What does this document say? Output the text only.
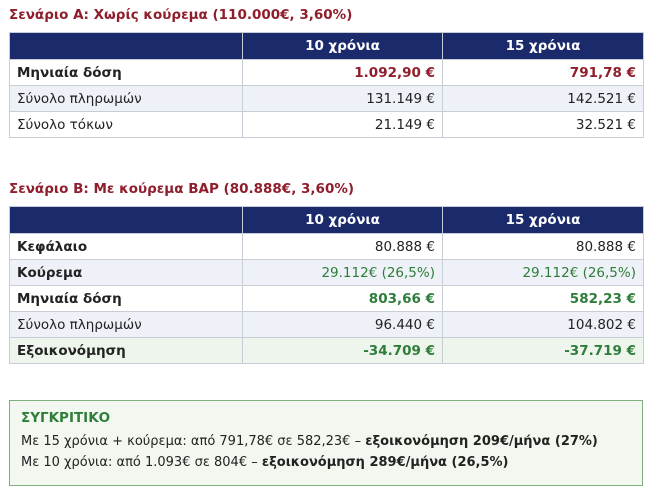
Σενάριο Α: Χωρίς κούρεμα (110.000€, 3,60%)
	10 χρόνια	15 χρόνια
Μηνιαία δόση	1.092,90 €	791,78 €
Σύνολο πληρωμών	131.149 €	142.521 €
Σύνολο τόκων	21.149 €	32.521 €
Σενάριο Β: Με κούρεμα ΒΑΡ (80.888€, 3,60%)
	10 χρόνια	15 χρόνια
Κεφάλαιο	80.888 €	80.888 €
Κούρεμα	29.112€ (26,5%)	29.112€ (26,5%)
Μηνιαία δόση	803,66 €	582,23 €
Σύνολο πληρωμών	96.440 €	104.802 €
Εξοικονόμηση	-34.709 €	-37.719 €
ΣΥΓΚΡΙΤΙΚΟ
Με 15 χρόνια + κούρεμα: από 791,78€ σε 582,23€ – εξοικονόμηση 209€/μήνα (27%)
Με 10 χρόνια: από 1.093€ σε 804€ – εξοικονόμηση 289€/μήνα (26,5%)
